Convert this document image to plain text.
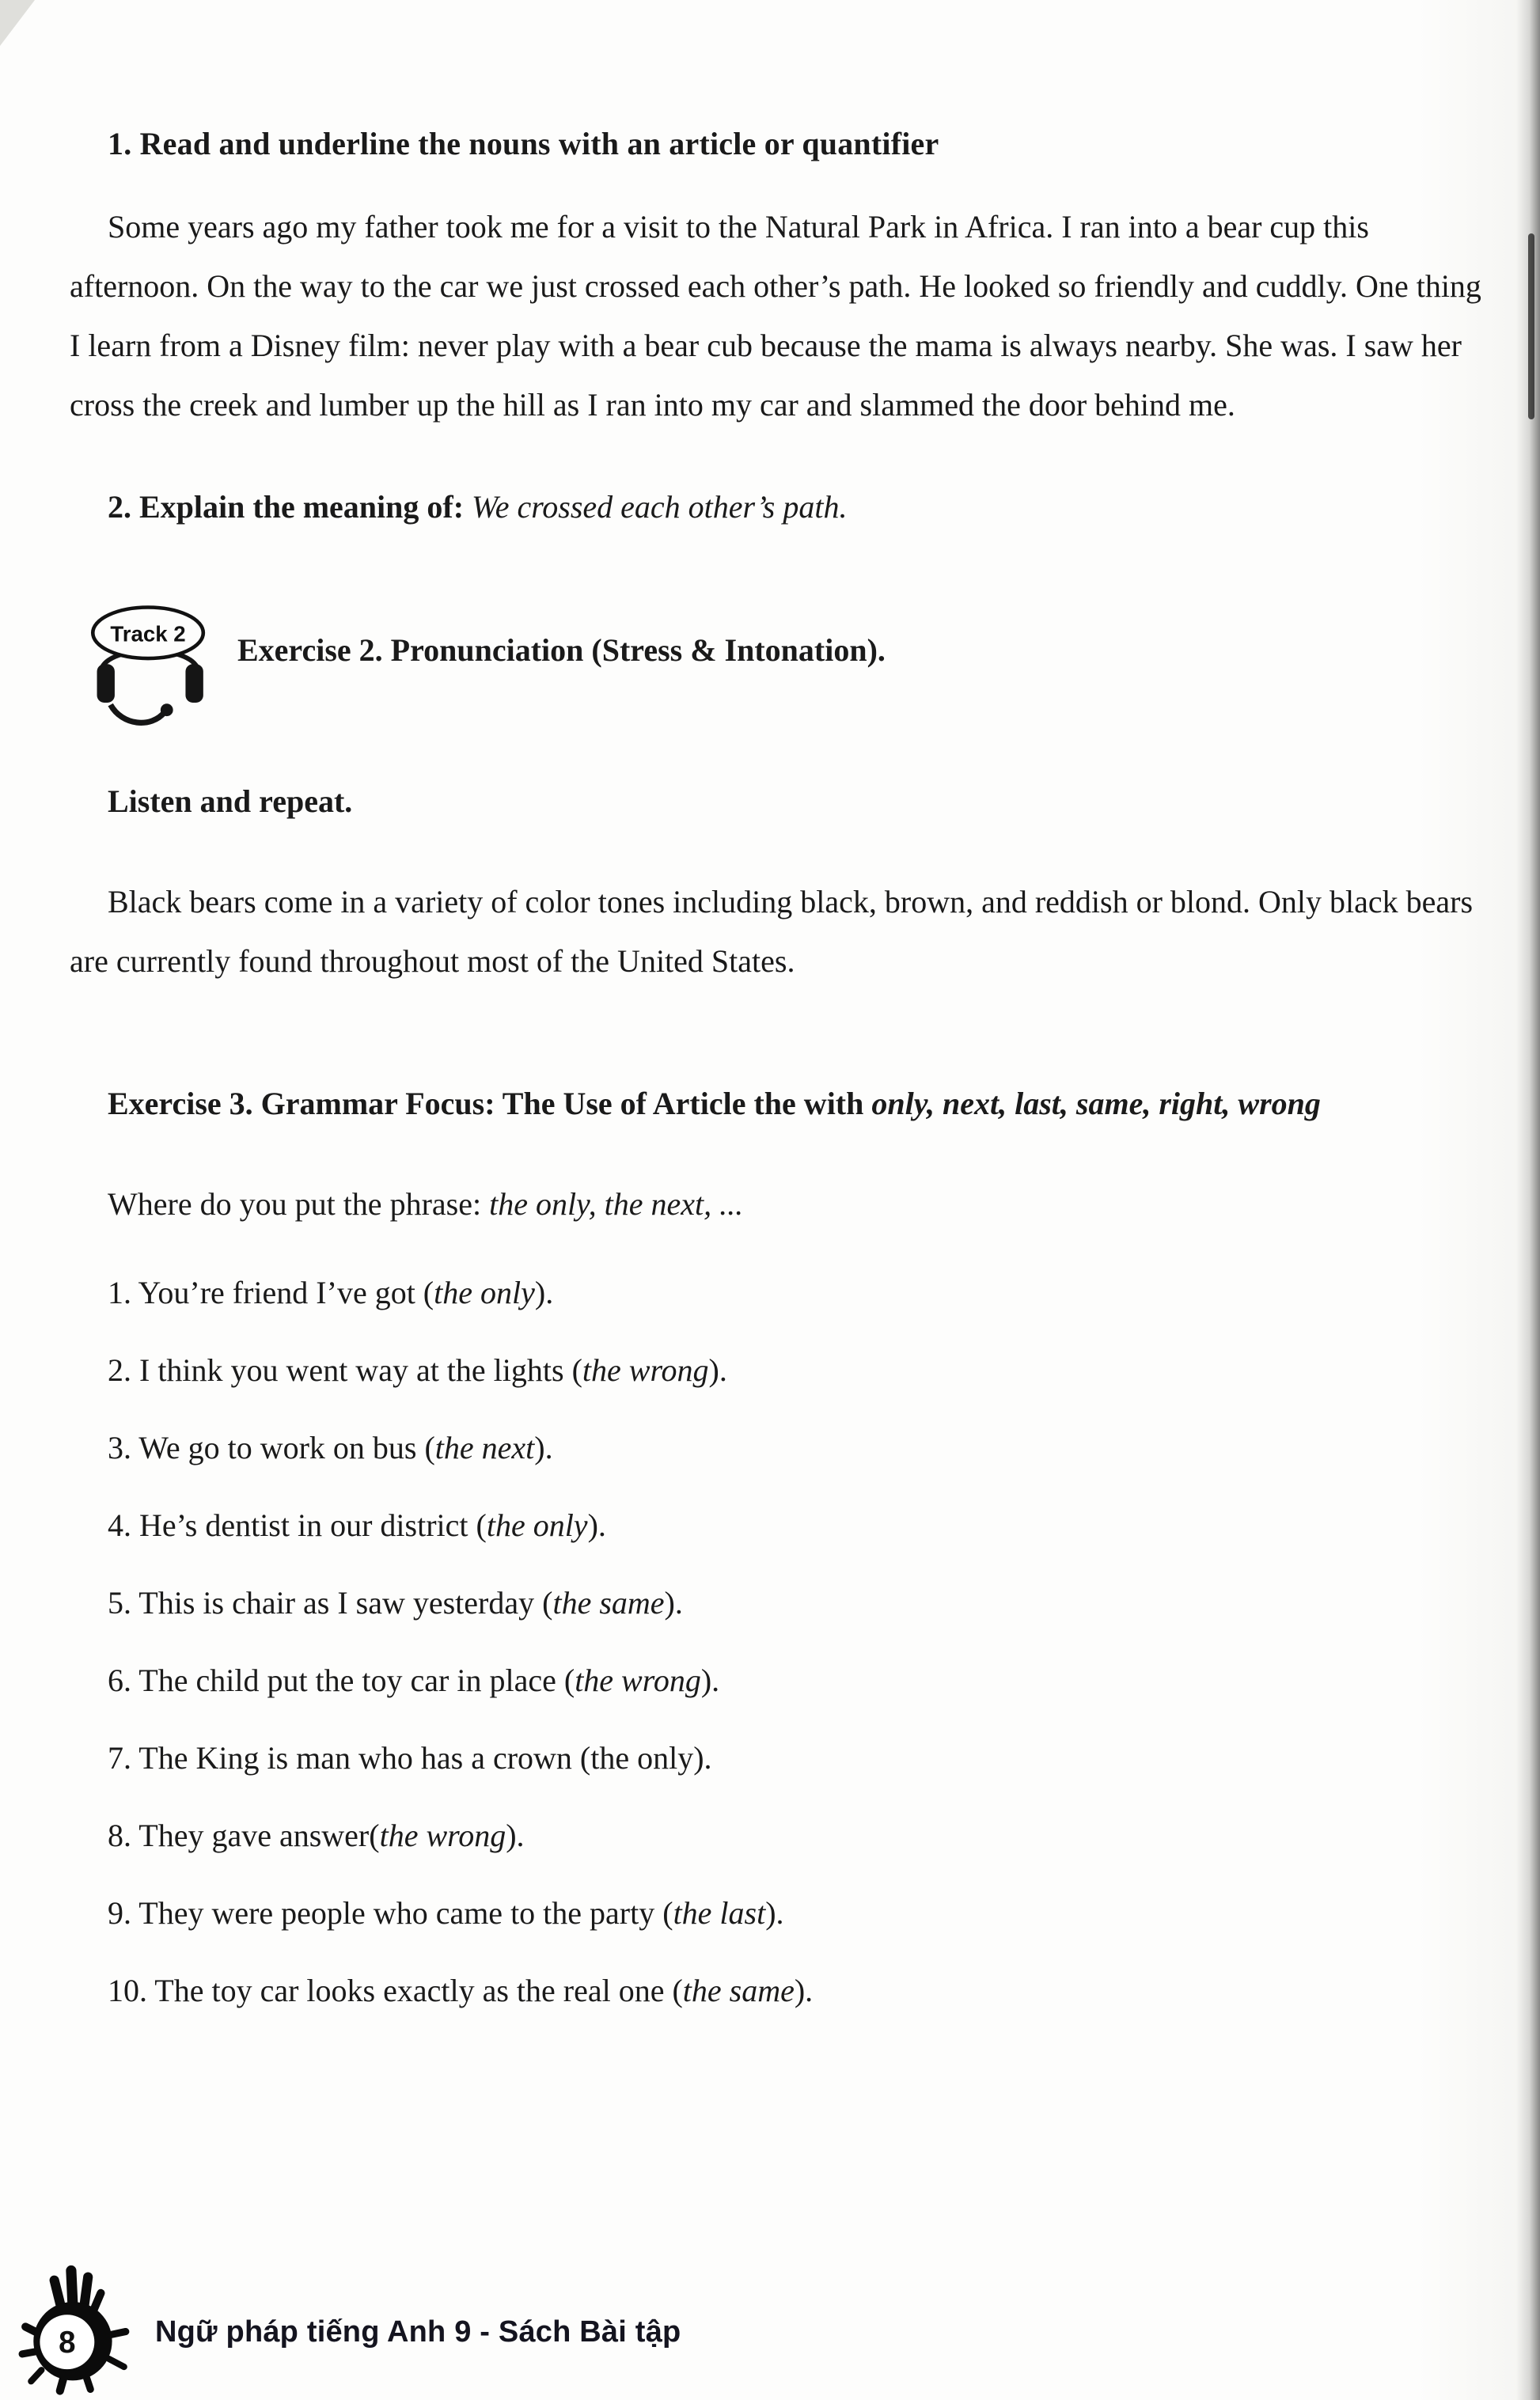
1. Read and underline the nouns with an article or quantifier

Some years ago my father took me for a visit to the Natural Park in Africa. I ran into a bear cup this afternoon. On the way to the car we just crossed each other’s path. He looked so friendly and cuddly. One thing I learn from a Disney film: never play with a bear cub because the mama is always nearby. She was. I saw her cross the creek and lumber up the hill as I ran into my car and slammed the door behind me.

2. Explain the meaning of: We crossed each other’s path.

Track 2 Exercise 2. Pronunciation (Stress & Intonation).

Listen and repeat.

Black bears come in a variety of color tones including black, brown, and reddish or blond. Only black bears are currently found throughout most of the United States.

Exercise 3. Grammar Focus: The Use of Article the with only, next, last, same, right, wrong

Where do you put the phrase: the only, the next, ...

1. You’re friend I’ve got (the only).
2. I think you went way at the lights (the wrong).
3. We go to work on bus (the next).
4. He’s dentist in our district (the only).
5. This is chair as I saw yesterday (the same).
6. The child put the toy car in place (the wrong).
7. The King is man who has a crown (the only).
8. They gave answer(the wrong).
9. They were people who came to the party (the last).
10. The toy car looks exactly as the real one (the same).
8	Ngữ pháp tiếng Anh 9 - Sách Bài tập
